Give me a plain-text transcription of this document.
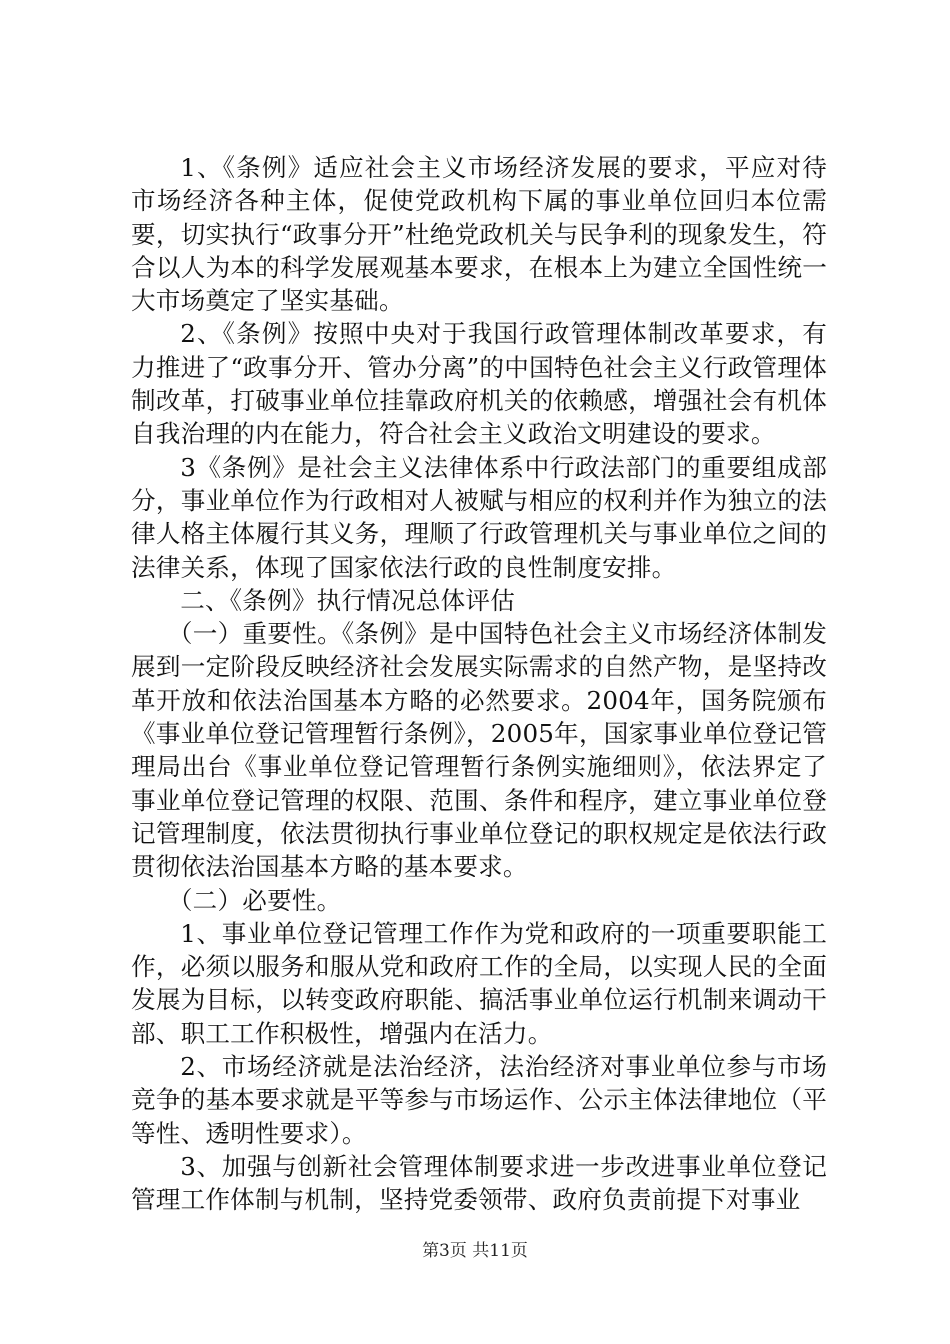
1、《条例》适应社会主义市场经济发展的要求，平应对待市场经济各种主体，促使党政机构下属的事业单位回归本位需要，切实执行“政事分开”杜绝党政机关与民争利的现象发生，符合以人为本的科学发展观基本要求，在根本上为建立全国性统一大市场奠定了坚实基础。

2、《条例》按照中央对于我国行政管理体制改革要求，有力推进了“政事分开、管办分离”的中国特色社会主义行政管理体制改革，打破事业单位挂靠政府机关的依赖感，增强社会有机体自我治理的内在能力，符合社会主义政治文明建设的要求。

3《条例》是社会主义法律体系中行政法部门的重要组成部分，事业单位作为行政相对人被赋与相应的权利并作为独立的法律人格主体履行其义务，理顺了行政管理机关与事业单位之间的法律关系，体现了国家依法行政的良性制度安排。

二、《条例》执行情况总体评估

（一）重要性。《条例》是中国特色社会主义市场经济体制发展到一定阶段反映经济社会发展实际需求的自然产物，是坚持改革开放和依法治国基本方略的必然要求。2004年，国务院颁布《事业单位登记管理暂行条例》，2005年，国家事业单位登记管理局出台《事业单位登记管理暂行条例实施细则》，依法界定了事业单位登记管理的权限、范围、条件和程序，建立事业单位登记管理制度，依法贯彻执行事业单位登记的职权规定是依法行政贯彻依法治国基本方略的基本要求。

（二）必要性。

1、事业单位登记管理工作作为党和政府的一项重要职能工作，必须以服务和服从党和政府工作的全局，以实现人民的全面发展为目标，以转变政府职能、搞活事业单位运行机制来调动干部、职工工作积极性，增强内在活力。

2、市场经济就是法治经济，法治经济对事业单位参与市场竞争的基本要求就是平等参与市场运作、公示主体法律地位（平等性、透明性要求）。

3、加强与创新社会管理体制要求进一步改进事业单位登记管理工作体制与机制，坚持党委领带、政府负责前提下对事业

第3页 共11页
